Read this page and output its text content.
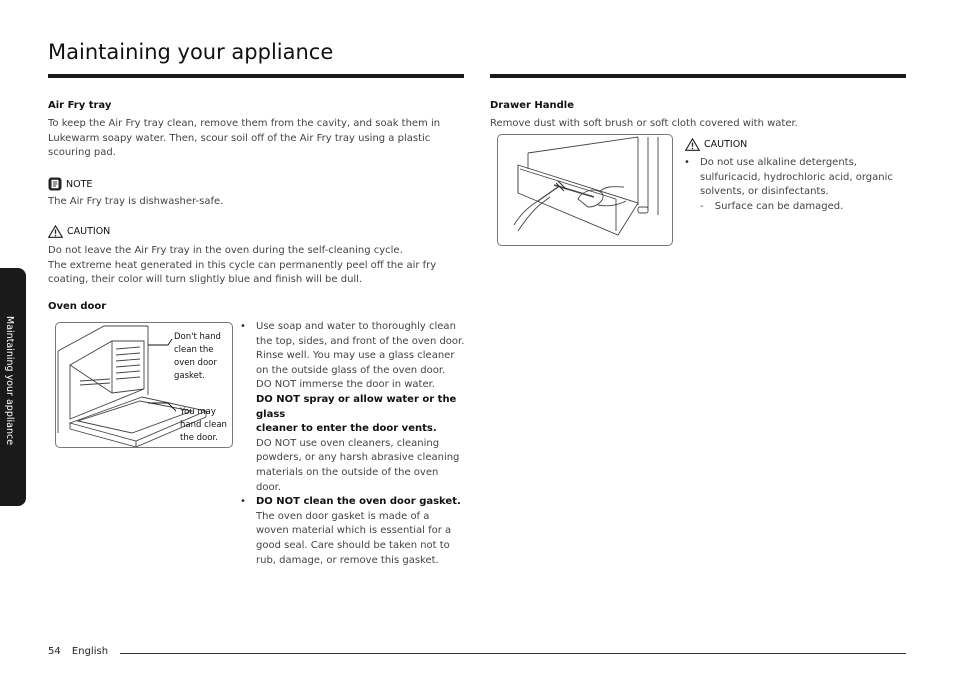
Maintaining your appliance
Maintaining your appliance
Air Fry tray
To keep the Air Fry tray clean, remove them from the cavity, and soak them in
Lukewarm soapy water. Then, scour soil off of the Air Fry tray using a plastic
scouring pad.
NOTE
The Air Fry tray is dishwasher-safe.
CAUTION
Do not leave the Air Fry tray in the oven during the self-cleaning cycle.
The extreme heat generated in this cycle can permanently peel off the air fry
coating, their color will turn slightly blue and finish will be dull.
Oven door
Don't hand
clean the
oven door
gasket.
You may
hand clean
the door.
• Use soap and water to thoroughly clean
the top, sides, and front of the oven door.
Rinse well. You may use a glass cleaner
on the outside glass of the oven door.
DO NOT immerse the door in water.
DO NOT spray or allow water or the glass
cleaner to enter the door vents.
DO NOT use oven cleaners, cleaning
powders, or any harsh abrasive cleaning
materials on the outside of the oven
door.
• DO NOT clean the oven door gasket.
The oven door gasket is made of a
woven material which is essential for a
good seal. Care should be taken not to
rub, damage, or remove this gasket.
Drawer Handle
Remove dust with soft brush or soft cloth covered with water.
CAUTION
• Do not use alkaline detergents,
sulfuricacid, hydrochloric acid, organic
solvents, or disinfectants.
- Surface can be damaged.
54 English
